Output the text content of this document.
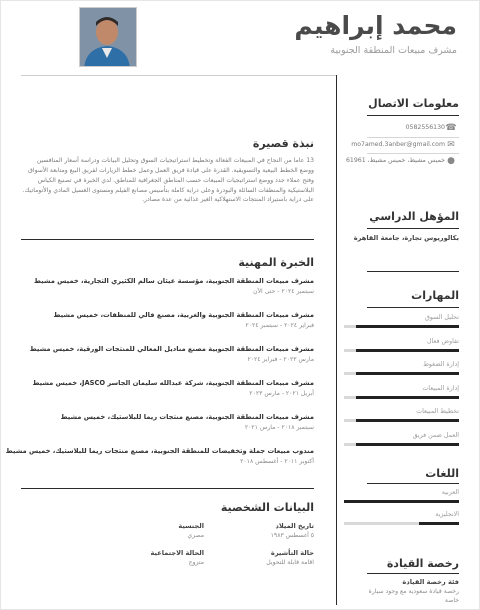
محمد إبراهيم
مشرف مبيعات المنطقة الجنوبية
معلومات الاتصال
0582556130 ☎
mo7amed.3anber@gmail.com ✉
خميس مشيط، خميس مشيط، 61961 ●
المؤهل الدراسي
بكالوريوس تجارة، جامعة القاهرة
المهارات
اللغات
رخصة القيادة
فئة رخصة القيادة
رخصة قيادة سعودية مع وجود سيارة خاصة
نبذة قصيرة
13 عاما من النجاح في المبيعات الفعالة وتخطيط استراتيجيات السوق وتحليل البيانات ودراسة أسعار المنافسين ووضع الخطط البيعية والتسويقية. القدرة على قيادة فريق العمل وعمل خطط الزيارات لفريق البيع ومتابعة الأسواق وفتح عملاء جدد ووضع استراتيجيات المبيعات حسب المناطق الجغرافية للمناطق. لدي الخبرة في تصنيع الكياس البلاستيكية والمنظفات السائلة والبودرة وعلى دراية كاملة بتأسيس مصانع الفيلم ومستوى الغسيل المادي والأتوماتيك. على دراية باستيراد المنتجات الاستهلاكية الغير غذائية من عدة مصادر.
الخبرة المهنية
البيانات الشخصية
تاريخ الميلاد
٥ أغسطس ١٩٨٣
الجنسية
مصري
حالة التأشيرة
اقامة قابلة للتحويل
الحالة الاجتماعية
متزوج
تحليل السوق
تفاوض فعال
إدارة الضغوط
إدارة المبيعات
تخطيط المبيعات
العمل ضمن فريق
العربية
الانجليزية
مشرف مبيعات المنطقة الجنوبية، مؤسسة عيثان سالم الكثيري التجارية، خميس مشيط
سبتمبر ٢٠٢٤ - حتى الآن
مشرف مبيعات المنطقة الجنوبية والغربية، مصنع فالي للمنظفات، خميس مشيط
فبراير ٢٠٢٤ - سبتمبر ٢٠٢٤
مشرف مبيعات المنطقة الجنوبية مصنع مناديل المعالي للمنتجات الورقية، خميس مشيط
مارس ٢٠٢٣ - فبراير ٢٠٢٤
مشرف مبيعات المنطقة الجنوبية، شركة عبدالله سليمان الجاسر JASCO، خميس مشيط
أبريل ٢٠٢١ - مارس ٢٠٢٣
مشرف مبيعات المنطقة الجنوبية، مصنع منتجات ريما للبلاستيك، خميس مشيط
سبتمبر ٢٠١٨ - مارس ٢٠٢١
مندوب مبيعات جملة وتخفيضات للمنطقة الجنوبية، مصنع منتجات ريما للبلاستيك، خميس مشيط
أكتوبر ٢٠١١ - أغسطس ٢٠١٨
